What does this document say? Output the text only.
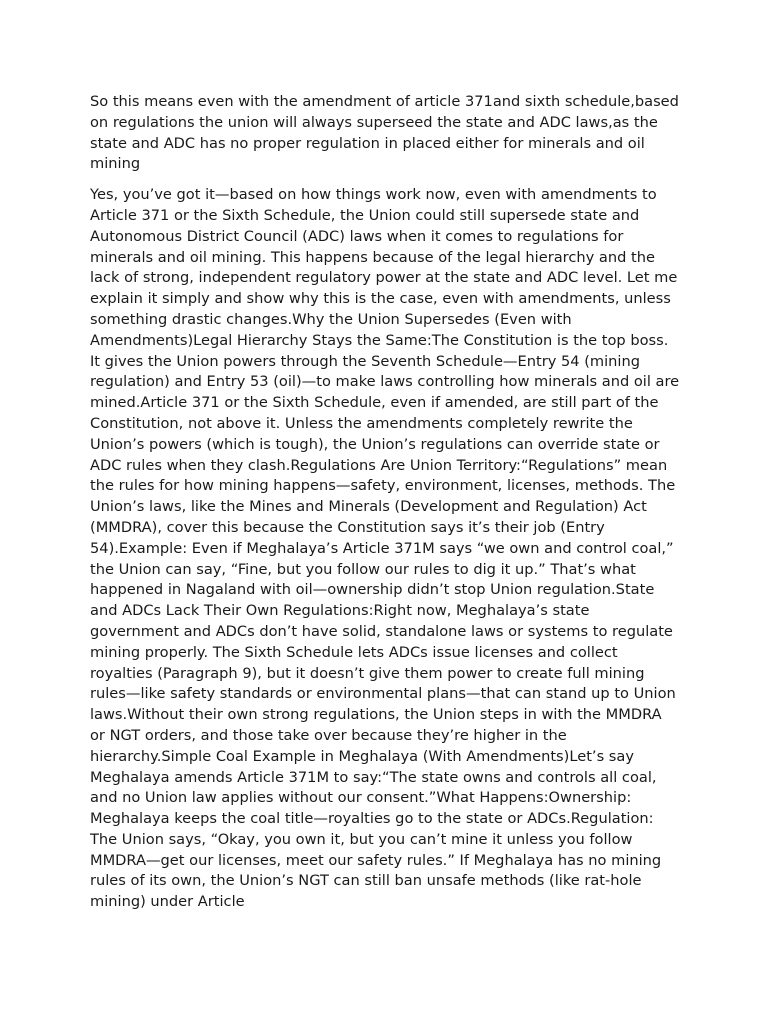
So this means even with the amendment of article 371and sixth schedule,based on regulations the union will always superseed the state and ADC laws,as the state and ADC has no proper regulation in placed either for minerals and oil mining

Yes, you’ve got it—based on how things work now, even with amendments to Article 371 or the Sixth Schedule, the Union could still supersede state and Autonomous District Council (ADC) laws when it comes to regulations for minerals and oil mining. This happens because of the legal hierarchy and the lack of strong, independent regulatory power at the state and ADC level. Let me explain it simply and show why this is the case, even with amendments, unless something drastic changes.Why the Union Supersedes (Even with Amendments)Legal Hierarchy Stays the Same:The Constitution is the top boss. It gives the Union powers through the Seventh Schedule—Entry 54 (mining regulation) and Entry 53 (oil)—to make laws controlling how minerals and oil are mined.Article 371 or the Sixth Schedule, even if amended, are still part of the Constitution, not above it. Unless the amendments completely rewrite the Union’s powers (which is tough), the Union’s regulations can override state or ADC rules when they clash.Regulations Are Union Territory:“Regulations” mean the rules for how mining happens—safety, environment, licenses, methods. The Union’s laws, like the Mines and Minerals (Development and Regulation) Act (MMDRA), cover this because the Constitution says it’s their job (Entry 54).Example: Even if Meghalaya’s Article 371M says “we own and control coal,” the Union can say, “Fine, but you follow our rules to dig it up.” That’s what happened in Nagaland with oil—ownership didn’t stop Union regulation.State and ADCs Lack Their Own Regulations:Right now, Meghalaya’s state government and ADCs don’t have solid, standalone laws or systems to regulate mining properly. The Sixth Schedule lets ADCs issue licenses and collect royalties (Paragraph 9), but it doesn’t give them power to create full mining rules—like safety standards or environmental plans—that can stand up to Union laws.Without their own strong regulations, the Union steps in with the MMDRA or NGT orders, and those take over because they’re higher in the hierarchy.Simple Coal Example in Meghalaya (With Amendments)Let’s say Meghalaya amends Article 371M to say:“The state owns and controls all coal, and no Union law applies without our consent.”What Happens:Ownership: Meghalaya keeps the coal title—royalties go to the state or ADCs.Regulation: The Union says, “Okay, you own it, but you can’t mine it unless you follow MMDRA—get our licenses, meet our safety rules.” If Meghalaya has no mining rules of its own, the Union’s NGT can still ban unsafe methods (like rat-hole mining) under Article
